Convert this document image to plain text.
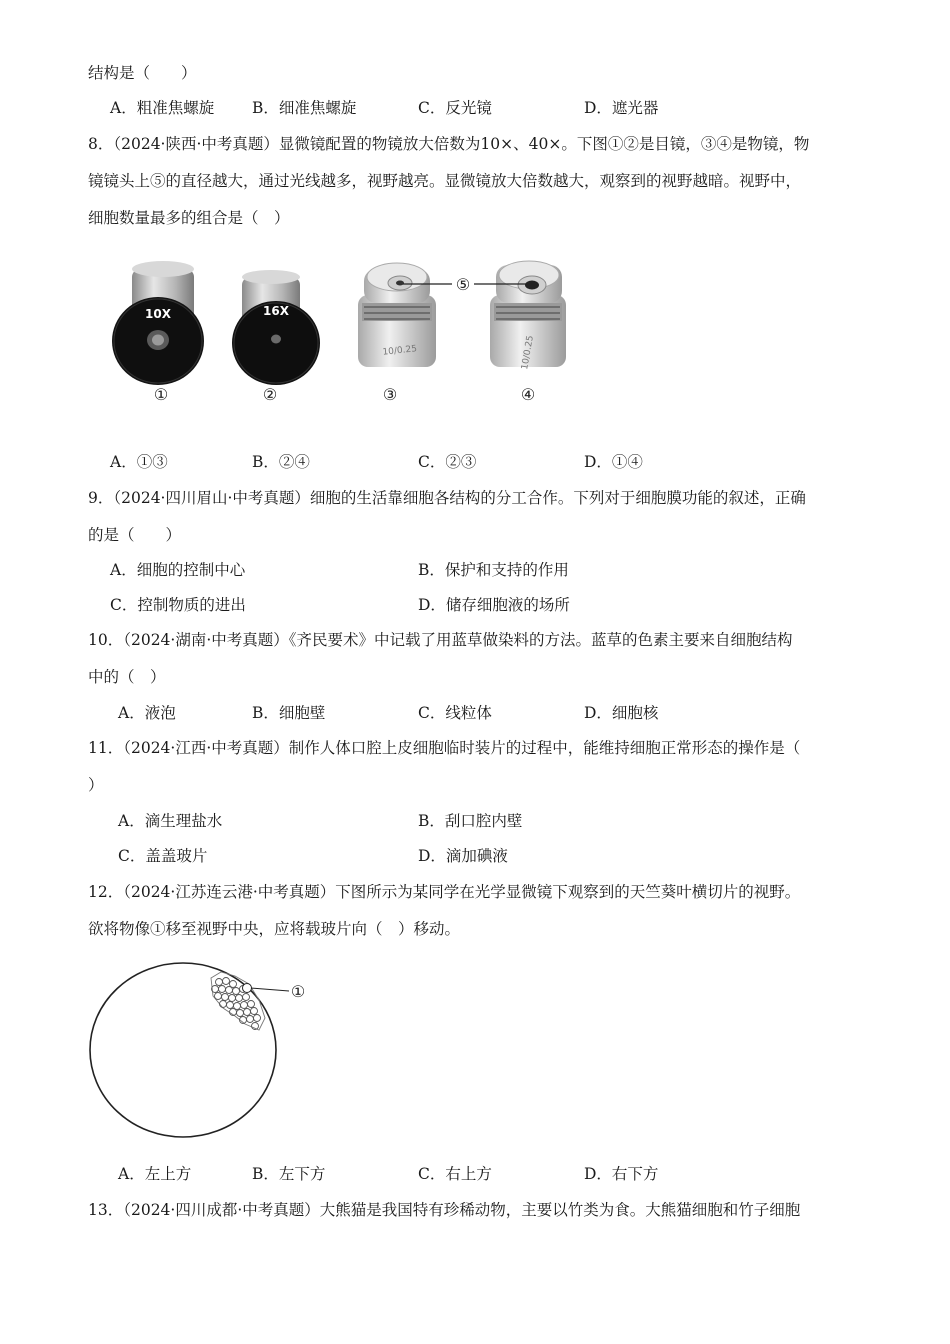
结构是（　　）
A．粗准焦螺旋 B．细准焦螺旋	C．反光镜	D．遮光器
8．（2024·陕西·中考真题）显微镜配置的物镜放大倍数为10×、40×。下图①②是目镜，③④是物镜，物
镜镜头上⑤的直径越大，通过光线越多，视野越亮。显微镜放大倍数越大，观察到的视野越暗。视野中，
细胞数量最多的组合是（　）
10X	16X
10/0.25	10/0.25
⑤
①	②	③	④
A．①③	B．②④	C．②③	D．①④
9．（2024·四川眉山·中考真题）细胞的生活靠细胞各结构的分工合作。下列对于细胞膜功能的叙述，正确
的是（　　）
A．细胞的控制中心	B．保护和支持的作用
C．控制物质的进出	D．储存细胞液的场所
10．（2024·湖南·中考真题）《齐民要术》中记载了用蓝草做染料的方法。蓝草的色素主要来自细胞结构
中的（　）
A．液泡	B．细胞壁	C．线粒体	D．细胞核
11．（2024·江西·中考真题）制作人体口腔上皮细胞临时装片的过程中，能维持细胞正常形态的操作是（
）
A．滴生理盐水	B．刮口腔内壁
C．盖盖玻片	D．滴加碘液
12．（2024·江苏连云港·中考真题）下图所示为某同学在光学显微镜下观察到的天竺葵叶横切片的视野。
欲将物像①移至视野中央，应将载玻片向（　）移动。
①
A．左上方	B．左下方	C．右上方	D．右下方
13．（2024·四川成都·中考真题）大熊猫是我国特有珍稀动物，主要以竹类为食。大熊猫细胞和竹子细胞
